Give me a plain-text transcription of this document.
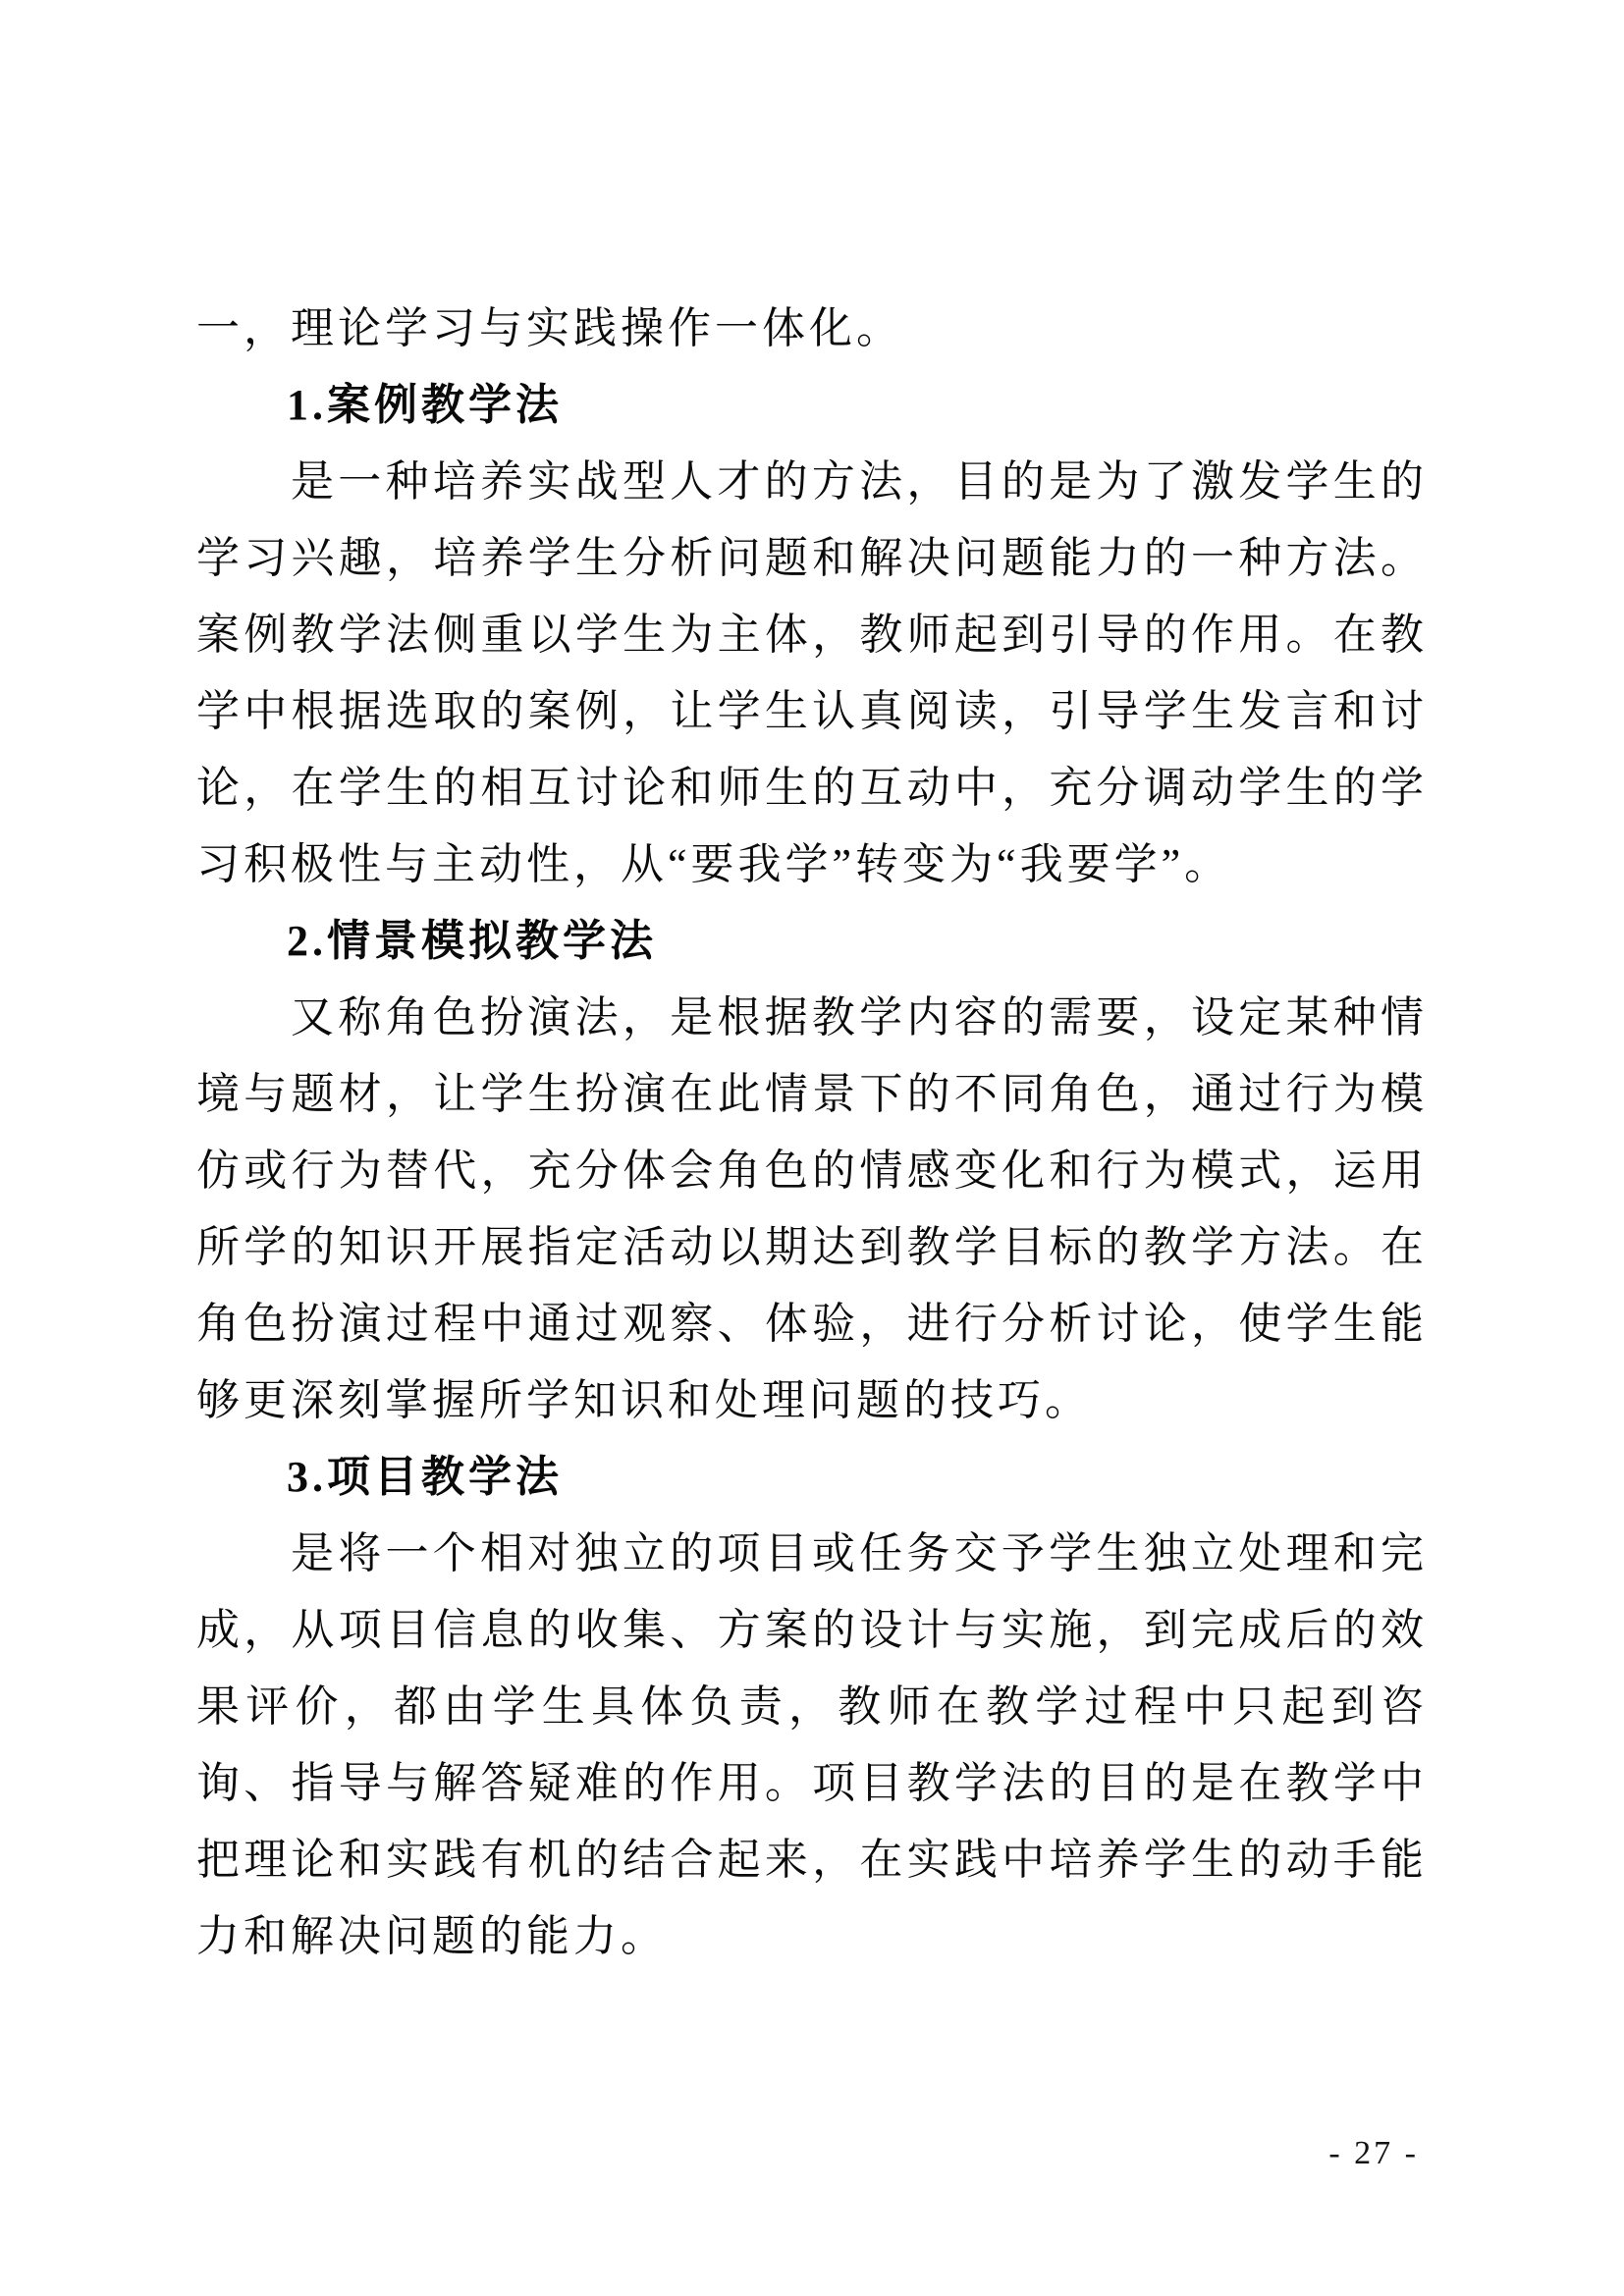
一，理论学习与实践操作一体化。

1.案例教学法

是一种培养实战型人才的方法，目的是为了激发学生的学习兴趣，培养学生分析问题和解决问题能力的一种方法。案例教学法侧重以学生为主体，教师起到引导的作用。在教学中根据选取的案例，让学生认真阅读，引导学生发言和讨论，在学生的相互讨论和师生的互动中，充分调动学生的学习积极性与主动性，从“要我学”转变为“我要学”。

2.情景模拟教学法

又称角色扮演法，是根据教学内容的需要，设定某种情境与题材，让学生扮演在此情景下的不同角色，通过行为模仿或行为替代，充分体会角色的情感变化和行为模式，运用所学的知识开展指定活动以期达到教学目标的教学方法。在角色扮演过程中通过观察、体验，进行分析讨论，使学生能够更深刻掌握所学知识和处理问题的技巧。

3.项目教学法

是将一个相对独立的项目或任务交予学生独立处理和完成，从项目信息的收集、方案的设计与实施，到完成后的效果评价，都由学生具体负责，教师在教学过程中只起到咨询、指导与解答疑难的作用。项目教学法的目的是在教学中把理论和实践有机的结合起来，在实践中培养学生的动手能力和解决问题的能力。

- 27 -
